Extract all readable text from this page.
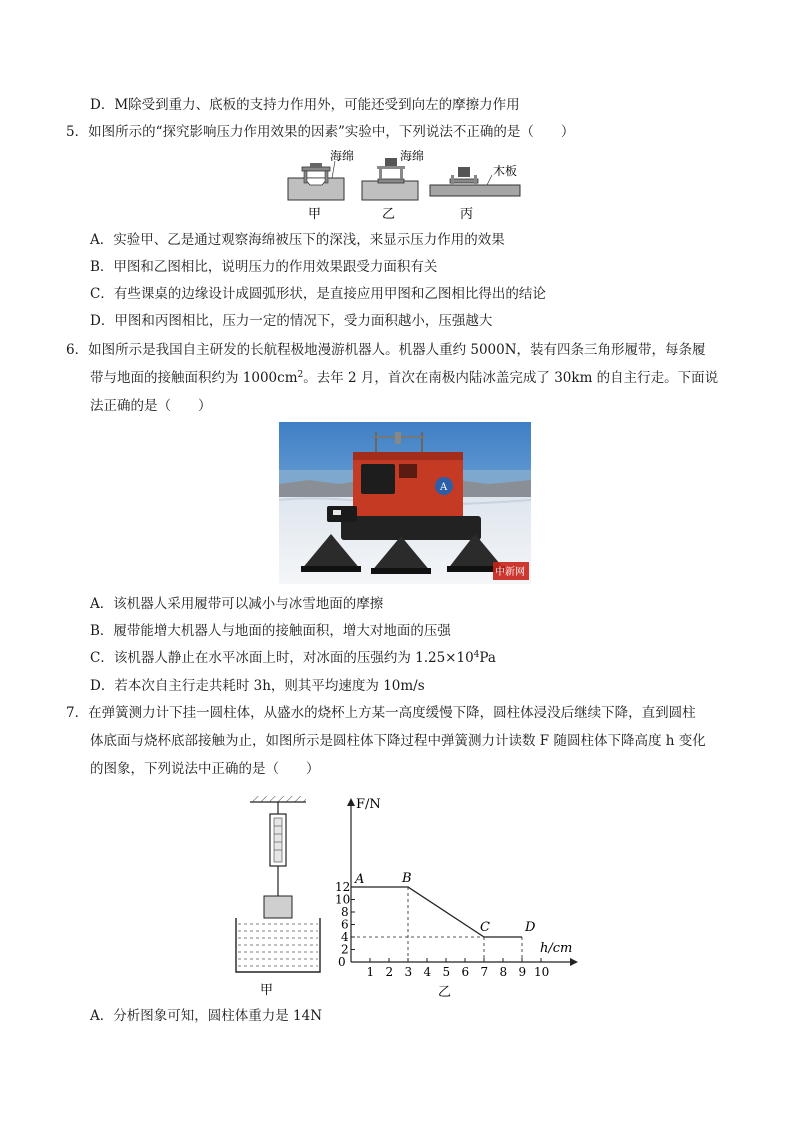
D．M除受到重力、底板的支持力作用外，可能还受到向左的摩擦力作用
5．如图所示的“探究影响压力作用效果的因素”实验中，下列说法不正确的是（　　）
海绵
甲
海绵
乙
木板
丙
A．实验甲、乙是通过观察海绵被压下的深浅，来显示压力作用的效果
B．甲图和乙图相比，说明压力的作用效果跟受力面积有关
C．有些课桌的边缘设计成圆弧形状，是直接应用甲图和乙图相比得出的结论
D．甲图和丙图相比，压力一定的情况下，受力面积越小，压强越大
6．如图所示是我国自主研发的长航程极地漫游机器人。机器人重约 5000N，装有四条三角形履带，每条履
带与地面的接触面积约为 $1000cm^2$。去年 2 月，首次在南极内陆冰盖完成了 30km 的自主行走。下面说
法正确的是（　　）
A
中新网
A．该机器人采用履带可以减小与冰雪地面的摩擦
B．履带能增大机器人与地面的接触面积，增大对地面的压强
C．该机器人静止在水平冰面上时，对冰面的压强约为 $1.25\times 10^4Pa$
D．若本次自主行走共耗时 3h，则其平均速度为 10m/s
7．在弹簧测力计下挂一圆柱体，从盛水的烧杯上方某一高度缓慢下降，圆柱体浸没后继续下降，直到圆柱
体底面与烧杯底部接触为止，如图所示是圆柱体下降过程中弹簧测力计读数 F 随圆柱体下降高度 h 变化
的图象，下列说法中正确的是（　　）
甲
1 2 3 4 5 6 7 8 9 10
2
4
6
8
10
12 A	B
C	D
F/N
h/cm
0
乙
A．分析图象可知，圆柱体重力是 14N
